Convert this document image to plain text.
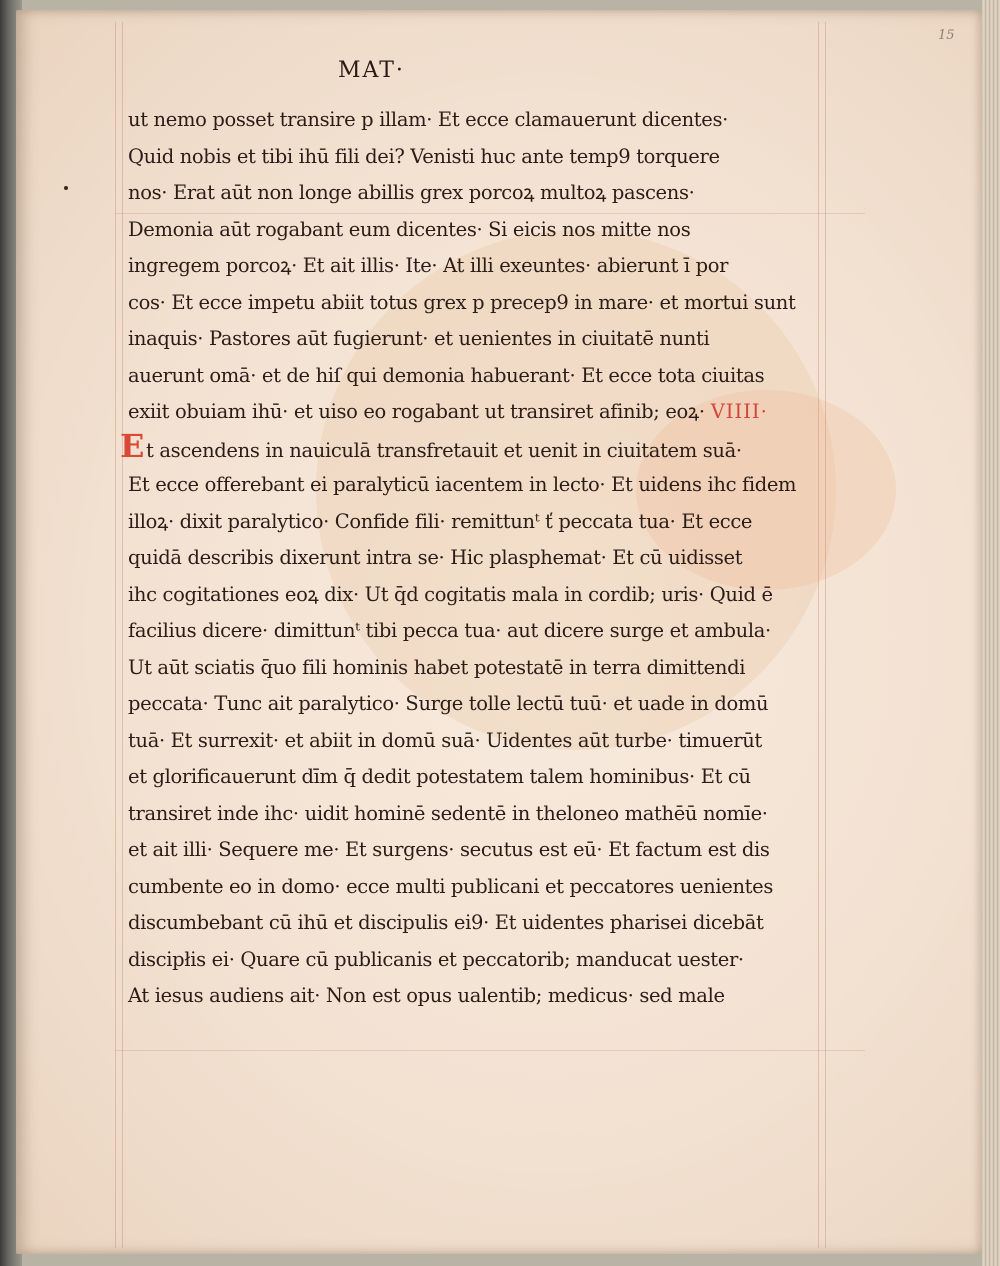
15
MAT·
ut nemo posset transire p illam· Et ecce clamauerunt dicentes·
Quid nobis et tibi ihū fili dei? Venisti huc ante temp9 torquere
nos· Erat aūt non longe abillis grex porcoꝝ multoꝝ pascens·
Demonia aūt rogabant eum dicentes· Si eicis nos mitte nos
ingregem porcoꝝ· Et ait illis· Ite· At illi exeuntes· abierunt ī por
cos· Et ecce impetu abiit totus grex p precep9 in mare· et mortui sunt
inaquis· Pastores aūt fugierunt· et uenientes in ciuitatē nunti
auerunt omā· et de hiſ qui demonia habuerant· Et ecce tota ciuitas
exiit obuiam ihū· et uiso eo rogabant ut transiret afinib; eoꝝ· VIIII·
Et ascendens in nauiculā transfretauit et uenit in ciuitatem suā·
Et ecce offerebant ei paralyticū iacentem in lecto· Et uidens ihc fidem
illoꝝ· dixit paralytico· Confide fili· remittunᵗ ť peccata tua· Et ecce
quidā describis dixerunt intra se· Hic plasphemat· Et cū uidisset
ihc cogitationes eoꝝ dix· Ut q̄d cogitatis mala in cordib; uris· Quid ē
facilius dicere· dimittunᵗ tibi pecca tua· aut dicere surge et ambula·
Ut aūt sciatis q̄uo fili hominis habet potestatē in terra dimittendi
peccata· Tunc ait paralytico· Surge tolle lectū tuū· et uade in domū
tuā· Et surrexit· et abiit in domū suā· Uidentes aūt turbe· timuerūt
et glorificauerunt dīm q̄ dedit potestatem talem hominibus· Et cū
transiret inde ihc· uidit hominē sedentē in theloneo mathēū nomīe·
et ait illi· Sequere me· Et surgens· secutus est eū· Et factum est dis
cumbente eo in domo· ecce multi publicani et peccatores uenientes
discumbebant cū ihū et discipulis ei9· Et uidentes pharisei dicebāt
discipłis ei· Quare cū publicanis et peccatorib; manducat uester·
At iesus audiens ait· Non est opus ualentib; medicus· sed male
